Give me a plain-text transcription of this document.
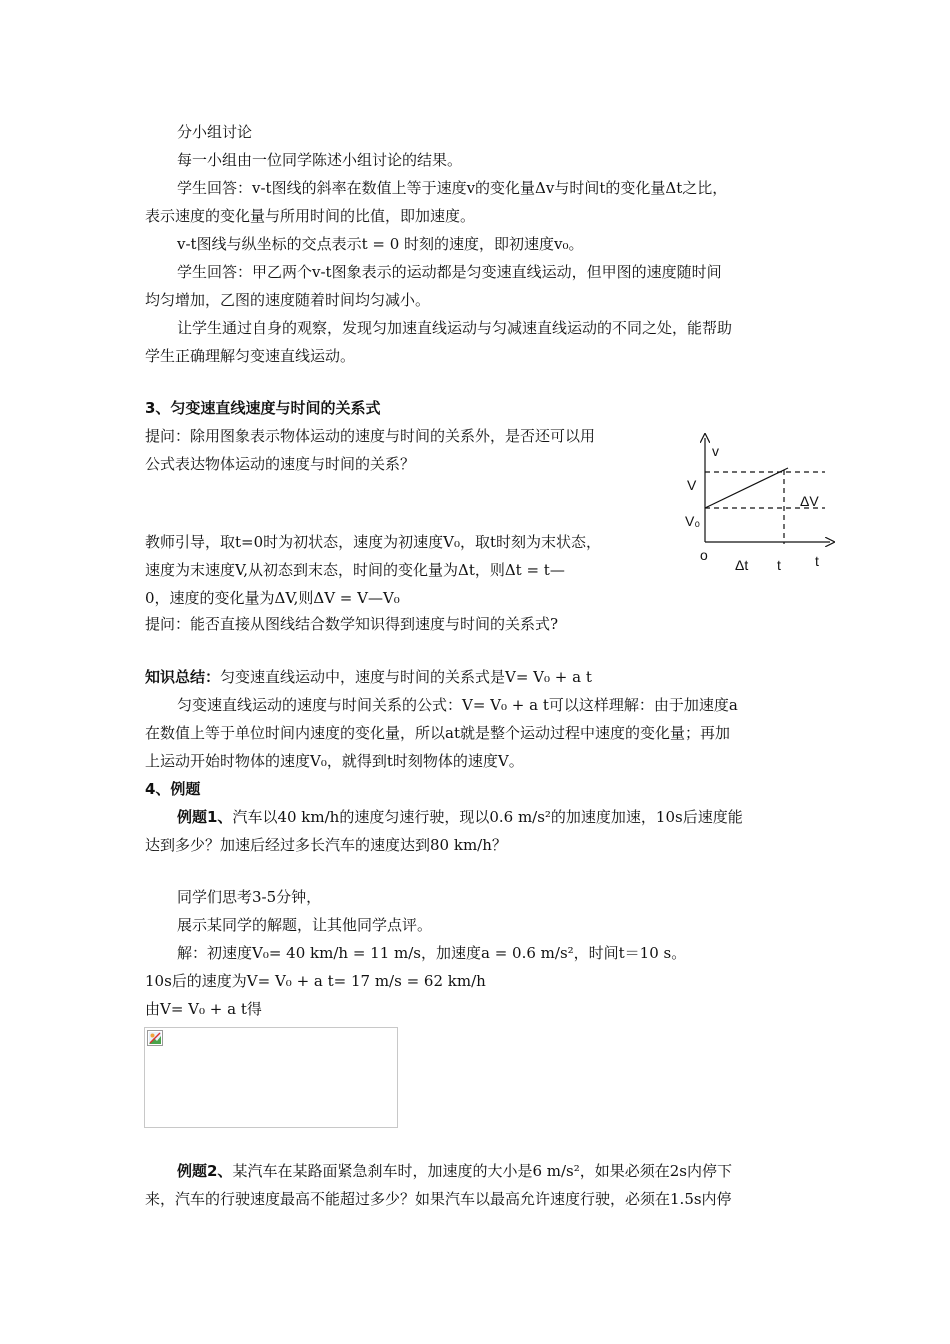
分小组讨论
每一小组由一位同学陈述小组讨论的结果。
学生回答：v-t图线的斜率在数值上等于速度v的变化量Δv与时间t的变化量Δt之比，
表示速度的变化量与所用时间的比值，即加速度。
v-t图线与纵坐标的交点表示t = 0 时刻的速度，即初速度v₀。
学生回答：甲乙两个v-t图象表示的运动都是匀变速直线运动，但甲图的速度随时间
均匀增加，乙图的速度随着时间均匀减小。
让学生通过自身的观察，发现匀加速直线运动与匀减速直线运动的不同之处，能帮助
学生正确理解匀变速直线运动。
3、匀变速直线速度与时间的关系式
提问：除用图象表示物体运动的速度与时间的关系外，是否还可以用
公式表达物体运动的速度与时间的关系？
教师引导，取t=0时为初状态，速度为初速度V₀，取t时刻为末状态，
速度为末速度V,从初态到末态，时间的变化量为Δt，则Δt = t—
0，速度的变化量为ΔV,则ΔV = V—V₀
提问：能否直接从图线结合数学知识得到速度与时间的关系式?
v
V
V₀
ΔV
o
Δt t t
知识总结：匀变速直线运动中，速度与时间的关系式是V= V₀ + a t
匀变速直线运动的速度与时间关系的公式：V= V₀ + a t可以这样理解：由于加速度a
在数值上等于单位时间内速度的变化量，所以at就是整个运动过程中速度的变化量；再加
上运动开始时物体的速度V₀，就得到t时刻物体的速度V。
4、例题
例题1、汽车以40 km/h的速度匀速行驶，现以0.6 m/s²的加速度加速，10s后速度能
达到多少？加速后经过多长汽车的速度达到80 km/h？
同学们思考3-5分钟，
展示某同学的解题，让其他同学点评。
解：初速度V₀= 40 km/h = 11 m/s，加速度a = 0.6 m/s²，时间t＝10 s。
10s后的速度为V= V₀ + a t= 17 m/s = 62 km/h
由V= V₀ + a t得
例题2、某汽车在某路面紧急刹车时，加速度的大小是6 m/s²，如果必须在2s内停下
来，汽车的行驶速度最高不能超过多少？如果汽车以最高允许速度行驶，必须在1.5s内停
